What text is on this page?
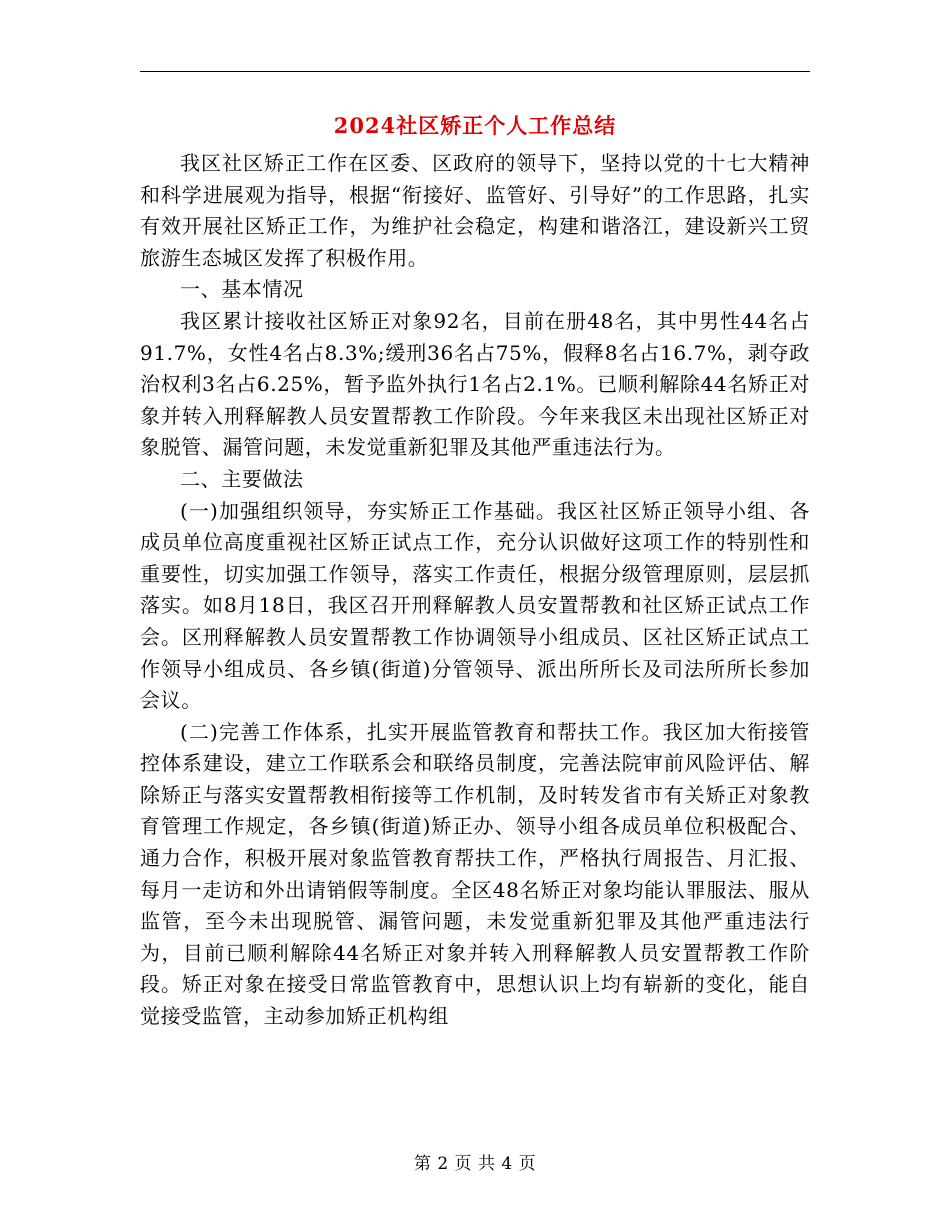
2024社区矫正个人工作总结

我区社区矫正工作在区委、区政府的领导下，坚持以党的十七大精神和科学进展观为指导，根据“衔接好、监管好、引导好”的工作思路，扎实有效开展社区矫正工作，为维护社会稳定，构建和谐洛江，建设新兴工贸旅游生态城区发挥了积极作用。

一、基本情况

我区累计接收社区矫正对象92名，目前在册48名，其中男性44名占91.7%，女性4名占8.3%;缓刑36名占75%，假释8名占16.7%，剥夺政治权利3名占6.25%，暂予监外执行1名占2.1%。已顺利解除44名矫正对象并转入刑释解教人员安置帮教工作阶段。今年来我区未出现社区矫正对象脱管、漏管问题，未发觉重新犯罪及其他严重违法行为。

二、主要做法

(一)加强组织领导，夯实矫正工作基础。我区社区矫正领导小组、各成员单位高度重视社区矫正试点工作，充分认识做好这项工作的特别性和重要性，切实加强工作领导，落实工作责任，根据分级管理原则，层层抓落实。如8月18日，我区召开刑释解教人员安置帮教和社区矫正试点工作会。区刑释解教人员安置帮教工作协调领导小组成员、区社区矫正试点工作领导小组成员、各乡镇(街道)分管领导、派出所所长及司法所所长参加会议。

(二)完善工作体系，扎实开展监管教育和帮扶工作。我区加大衔接管控体系建设，建立工作联系会和联络员制度，完善法院审前风险评估、解除矫正与落实安置帮教相衔接等工作机制，及时转发省市有关矫正对象教育管理工作规定，各乡镇(街道)矫正办、领导小组各成员单位积极配合、通力合作，积极开展对象监管教育帮扶工作，严格执行周报告、月汇报、每月一走访和外出请销假等制度。全区48名矫正对象均能认罪服法、服从监管，至今未出现脱管、漏管问题，未发觉重新犯罪及其他严重违法行为，目前已顺利解除44名矫正对象并转入刑释解教人员安置帮教工作阶段。矫正对象在接受日常监管教育中，思想认识上均有崭新的变化，能自觉接受监管，主动参加矫正机构组

第 2 页 共 4 页
